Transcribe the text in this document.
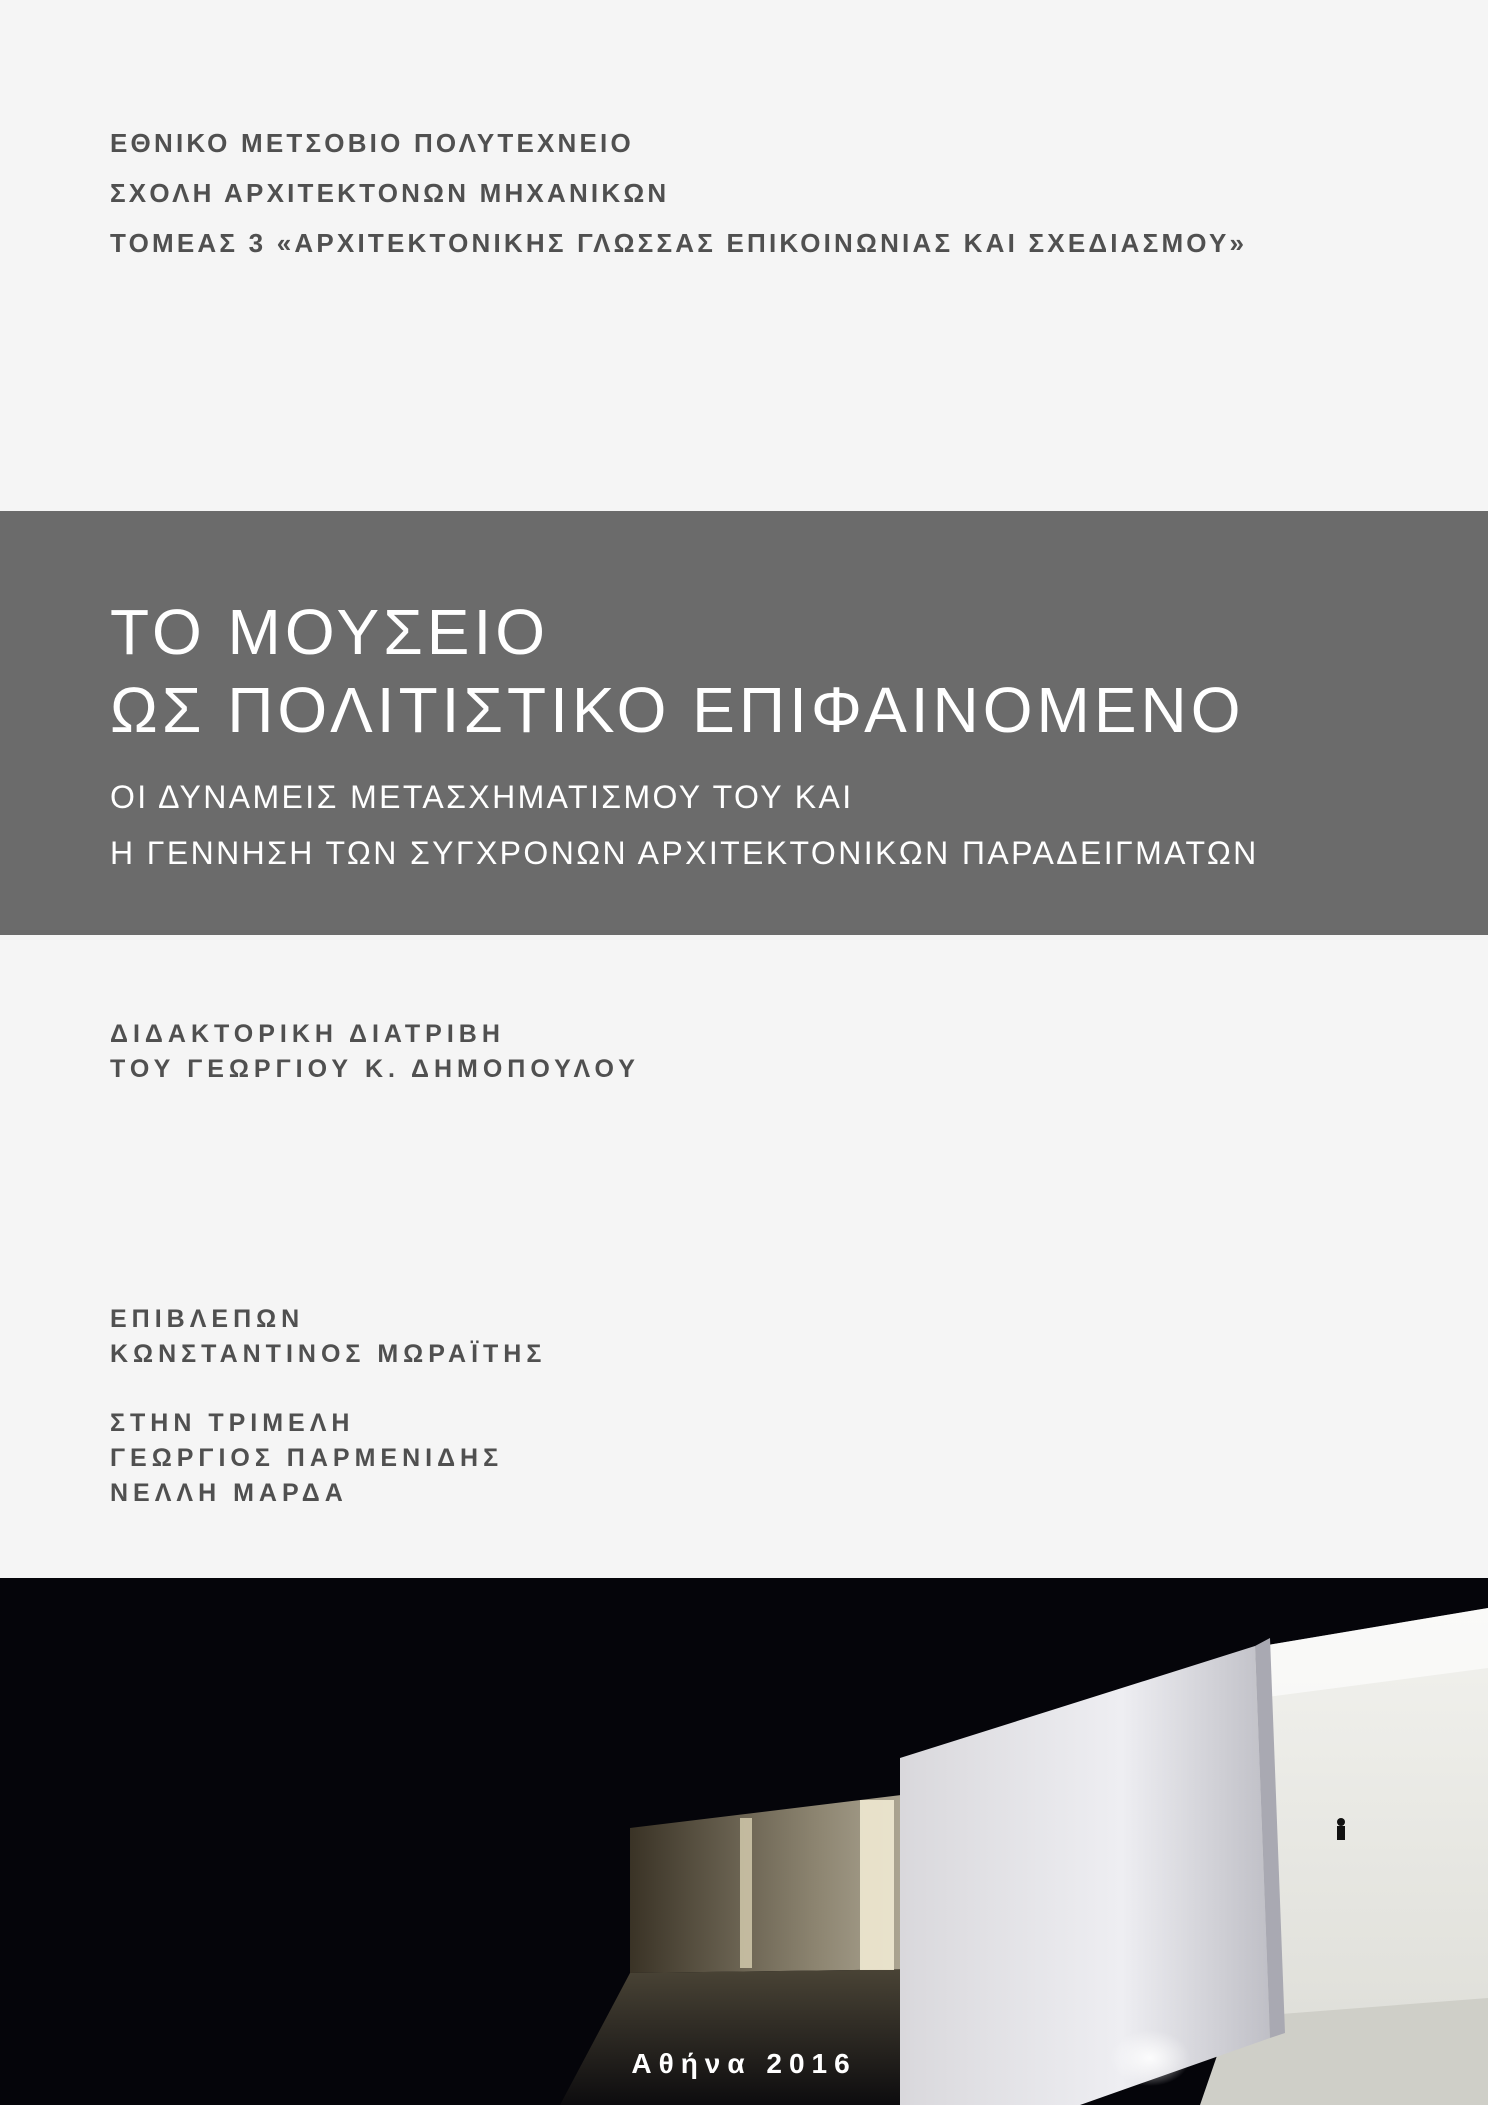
ΕΘΝΙΚΟ ΜΕΤΣΟΒΙΟ ΠΟΛΥΤΕΧΝΕΙΟ
ΣΧΟΛΗ ΑΡΧΙΤΕΚΤΟΝΩΝ ΜΗΧΑΝΙΚΩΝ
ΤΟΜΕΑΣ 3 «ΑΡΧΙΤΕΚΤΟΝΙΚΗΣ ΓΛΩΣΣΑΣ ΕΠΙΚΟΙΝΩΝΙΑΣ ΚΑΙ ΣΧΕΔΙΑΣΜΟΥ»
ΤΟ ΜΟΥΣΕΙΟ
ΩΣ ΠΟΛΙΤΙΣΤΙΚΟ ΕΠΙΦΑΙΝΟΜΕΝΟ
ΟΙ ΔΥΝΑΜΕΙΣ ΜΕΤΑΣΧΗΜΑΤΙΣΜΟΥ ΤΟΥ ΚΑΙ
Η ΓΕΝΝΗΣΗ ΤΩΝ ΣΥΓΧΡΟΝΩΝ ΑΡΧΙΤΕΚΤΟΝΙΚΩΝ ΠΑΡΑΔΕΙΓΜΑΤΩΝ
ΔΙΔΑΚΤΟΡΙΚΗ ΔΙΑΤΡΙΒΗ
ΤΟΥ ΓΕΩΡΓΙΟΥ Κ. ΔΗΜΟΠΟΥΛΟΥ
ΕΠΙΒΛΕΠΩΝ
ΚΩΝΣΤΑΝΤΙΝΟΣ ΜΩΡΑΪΤΗΣ
ΣΤΗΝ ΤΡΙΜΕΛΗ
ΓΕΩΡΓΙΟΣ ΠΑΡΜΕΝΙΔΗΣ
ΝΕΛΛΗ ΜΑΡΔΑ
Αθήνα 2016
